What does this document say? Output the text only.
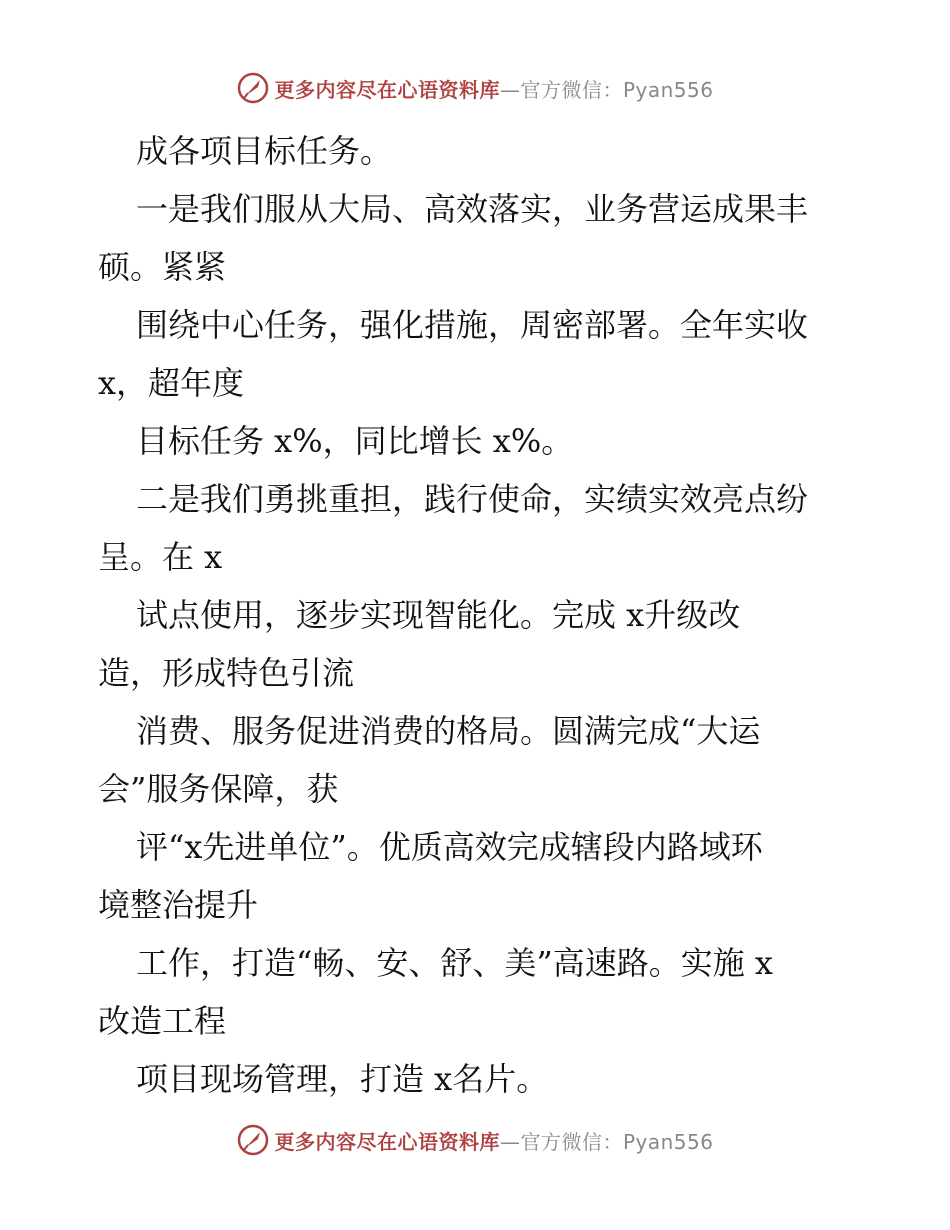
更多内容尽在心语资料库—官方微信：Pyan556

成各项目标任务。

一是我们服从大局、高效落实，业务营运成果丰

硕。紧紧

围绕中心任务，强化措施，周密部署。全年实收

x，超年度

目标任务 x%，同比增长 x%。

二是我们勇挑重担，践行使命，实绩实效亮点纷

呈。在 x

试点使用，逐步实现智能化。完成 x升级改

造，形成特色引流

消费、服务促进消费的格局。圆满完成“大运

会”服务保障，获

评“x先进单位”。优质高效完成辖段内路域环

境整治提升

工作，打造“畅、安、舒、美”高速路。实施 x

改造工程

项目现场管理，打造 x名片。

更多内容尽在心语资料库—官方微信：Pyan556
